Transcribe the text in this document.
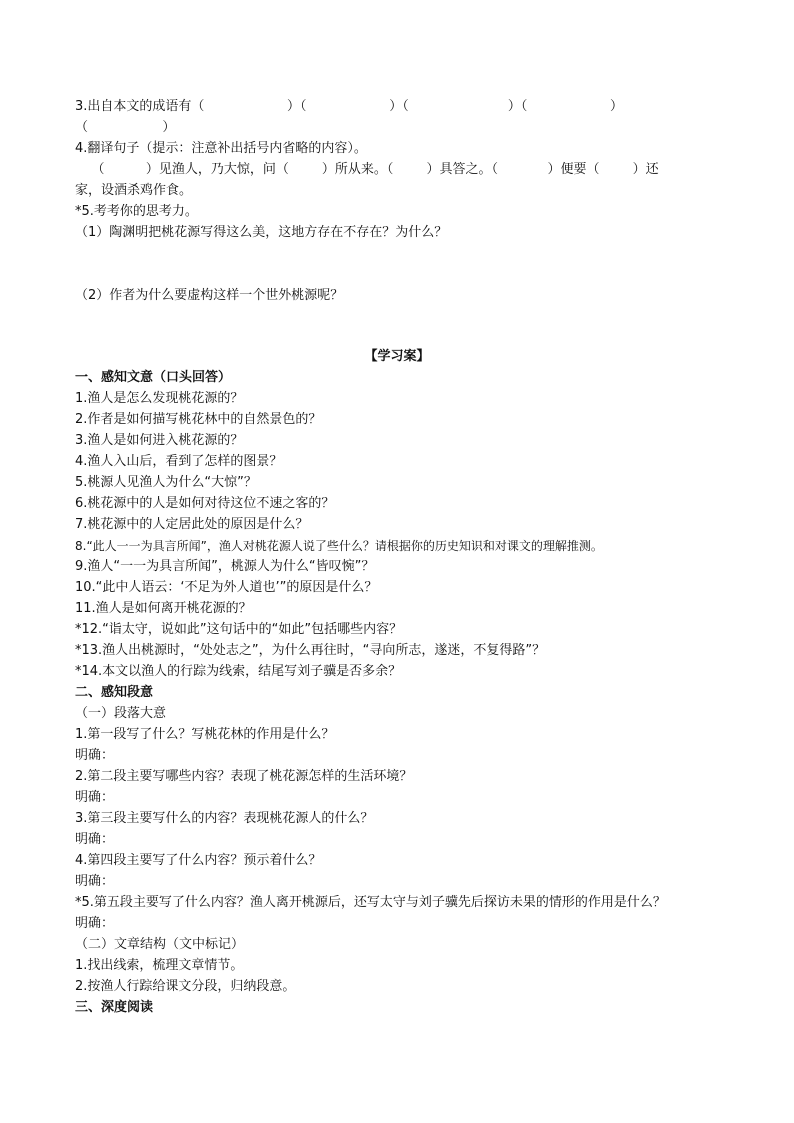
3.出自本文的成语有（                    ）（                    ）（                        ）（                    ）
（                  ）
4.翻译句子（提示：注意补出括号内省略的内容）。
（          ）见渔人，乃大惊，问（        ）所从来。（        ）具答之。（            ）便要（        ）还
家，设酒杀鸡作食。
*5.考考你的思考力。
（1）陶渊明把桃花源写得这么美，这地方存在不存在？为什么？
（2）作者为什么要虚构这样一个世外桃源呢？
【学习案】
一、感知文意（口头回答）
1.渔人是怎么发现桃花源的？
2.作者是如何描写桃花林中的自然景色的？
3.渔人是如何进入桃花源的？
4.渔人入山后，看到了怎样的图景？
5.桃源人见渔人为什么“大惊”？
6.桃花源中的人是如何对待这位不速之客的？
7.桃花源中的人定居此处的原因是什么？
8.“此人一一为具言所闻”，渔人对桃花源人说了些什么？请根据你的历史知识和对课文的理解推测。
9.渔人“一一为具言所闻”，桃源人为什么“皆叹惋”？
10.“此中人语云：‘不足为外人道也’”的原因是什么？
11.渔人是如何离开桃花源的？
*12.“诣太守，说如此”这句话中的“如此”包括哪些内容？
*13.渔人出桃源时，“处处志之”，为什么再往时，“寻向所志，遂迷，不复得路”？
*14.本文以渔人的行踪为线索，结尾写刘子骥是否多余？
二、感知段意
（一）段落大意
1.第一段写了什么？写桃花林的作用是什么？
明确：
2.第二段主要写哪些内容？表现了桃花源怎样的生活环境？
明确：
3.第三段主要写什么的内容？表现桃花源人的什么？
明确：
4.第四段主要写了什么内容？预示着什么？
明确：
*5.第五段主要写了什么内容？渔人离开桃源后，还写太守与刘子骥先后探访未果的情形的作用是什么？
明确：
（二）文章结构（文中标记）
1.找出线索，梳理文章情节。
2.按渔人行踪给课文分段，归纳段意。
三、深度阅读
